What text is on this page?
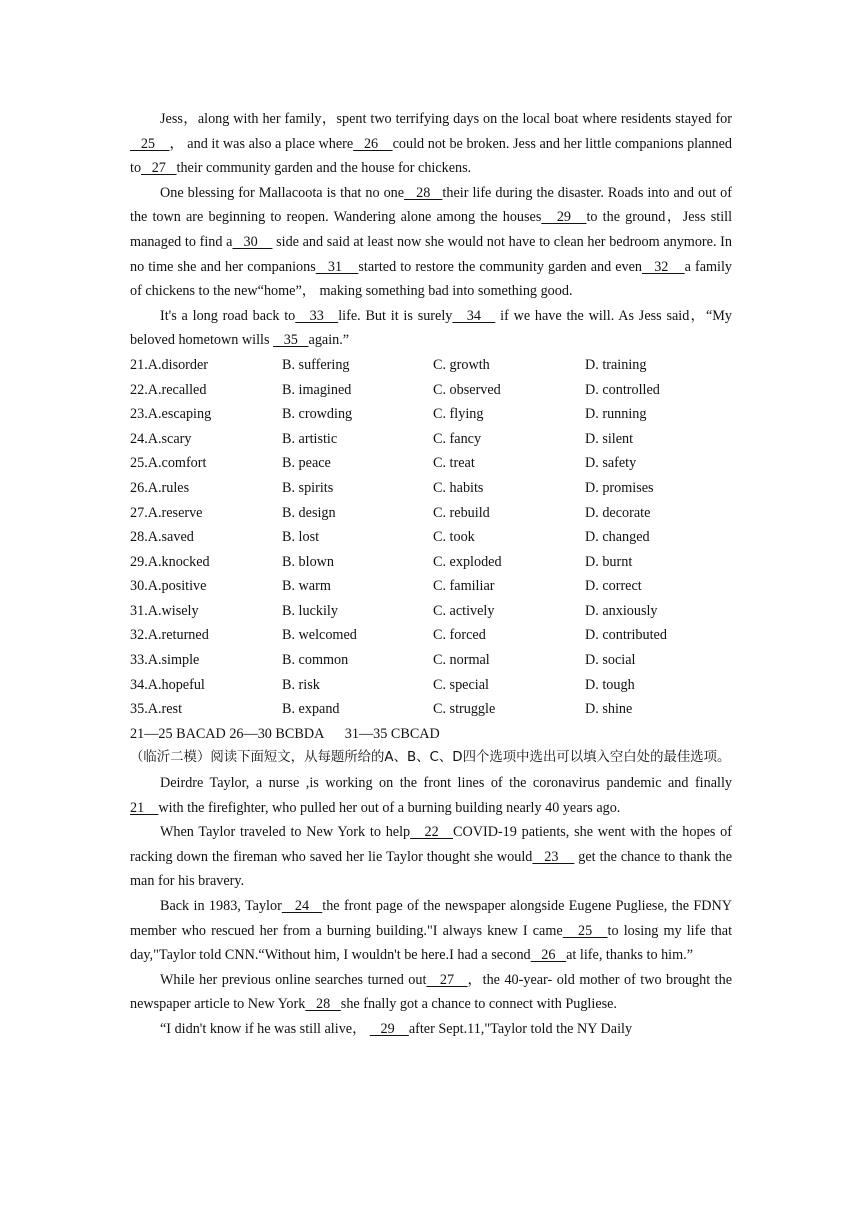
Jess，along with her family，spent two terrifying days on the local boat where residents stayed for   25    ， and it was also a place where   26    could not be broken. Jess and her little companions planned to   27   their community garden and the house for chickens.

One blessing for Mallacoota is that no one   28   their life during the disaster. Roads into and out of the town are beginning to reopen. Wandering alone among the houses   29   to the ground，Jess still managed to find a   30     side and said at least now she would not have to clean her bedroom anymore. In no time she and her companions   31    started to restore the community garden and even   32    a family of chickens to the new“home”， making something bad into something good.

It's a long road back to   33   life. But it is surely   34    if we have the will. As Jess said，“My beloved hometown wills    35   again.”

21.A.disorder	B. suffering	C. growth	D. training
22.A.recalled	B. imagined	C. observed	D. controlled
23.A.escaping	B. crowding	C. flying	D. running
24.A.scary	B. artistic	C. fancy	D. silent
25.A.comfort	B. peace	C. treat	D. safety
26.A.rules	B. spirits	C. habits	D. promises
27.A.reserve	B. design	C. rebuild	D. decorate
28.A.saved	B. lost	C. took	D. changed
29.A.knocked	B. blown	C. exploded	D. burnt
30.A.positive	B. warm	C. familiar	D. correct
31.A.wisely	B. luckily	C. actively	D. anxiously
32.A.returned	B. welcomed	C. forced	D. contributed
33.A.simple	B. common	C. normal	D. social
34.A.hopeful	B. risk	C. special	D. tough
35.A.rest	B. expand	C. struggle	D. shine

21—25 BACAD 26—30 BCBDA      31—35 CBCAD

（临沂二模）阅读下面短文，从每题所给的A、B、C、D四个选项中选出可以填入空白处的最佳选项。

Deirdre Taylor, a nurse ,is working on the front lines of the coronavirus pandemic and finally 21    with the firefighter, who pulled her out of a burning building nearly 40 years ago.

When Taylor traveled to New York to help   22   COVID-19 patients, she went with the hopes of racking down the fireman who saved her lie Taylor thought she would   23     get the chance to thank the man for his bravery.

Back in 1983, Taylor   24   the front page of the newspaper alongside Eugene Pugliese, the FDNY member who rescued her from a burning building."I always knew I came   25   to losing my life that day,"Taylor told CNN.“Without him, I wouldn't be here.I had a second   26   at life, thanks to him.”

While her previous online searches turned out   27   ，the 40-year- old mother of two brought the newspaper article to New York   28   she fnally got a chance to connect with Pugliese.

“I didn't know if he was still alive，    29    after Sept.11,"Taylor told the NY Daily
